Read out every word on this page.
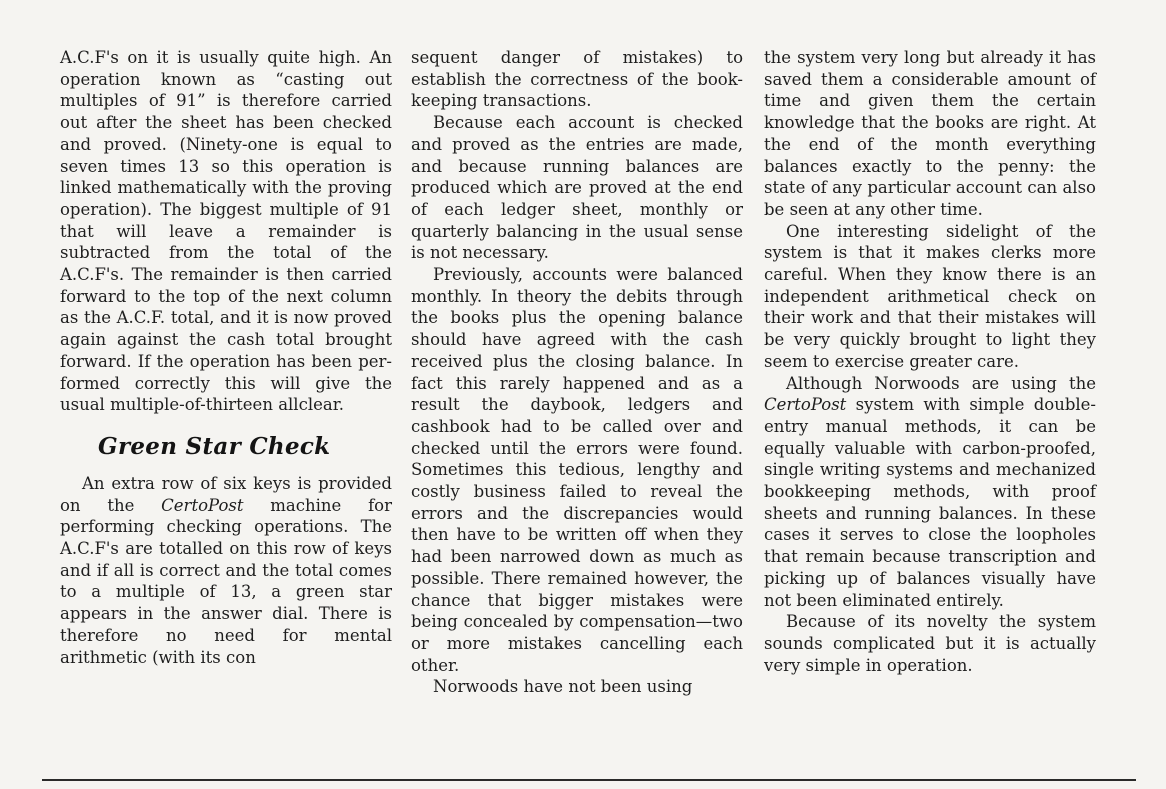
A.C.F's on it is usually quite high. An operation known as “casting out multiples of 91” is therefore carried out after the sheet has been checked and proved. (Ninety-one is equal to seven times 13 so this operation is linked mathematically with the proving operation). The biggest multiple of 91 that will leave a remainder is subtracted from the total of the A.C.F's. The remainder is then carried forward to the top of the next column as the A.C.F. total, and it is now proved again against the cash total brought forward. If the operation has been performed correctly this will give the usual multiple-of-thirteen allclear.

Green Star Check

An extra row of six keys is provided on the CertoPost machine for performing checking operations. The A.C.F's are totalled on this row of keys and if all is correct and the total comes to a multiple of 13, a green star appears in the answer dial. There is therefore no need for mental arithmetic (with its con

sequent danger of mistakes) to establish the correctness of the book-keeping transactions.

Because each account is checked and proved as the entries are made, and because running balances are produced which are proved at the end of each ledger sheet, monthly or quarterly balancing in the usual sense is not necessary.

Previously, accounts were balanced monthly. In theory the debits through the books plus the opening balance should have agreed with the cash received plus the closing balance. In fact this rarely happened and as a result the daybook, ledgers and cashbook had to be called over and checked until the errors were found. Sometimes this tedious, lengthy and costly business failed to reveal the errors and the discrepancies would then have to be written off when they had been narrowed down as much as possible. There remained however, the chance that bigger mistakes were being concealed by compensation—two or more mistakes cancelling each other.

Norwoods have not been using

the system very long but already it has saved them a considerable amount of time and given them the certain knowledge that the books are right. At the end of the month everything balances exactly to the penny: the state of any particular account can also be seen at any other time.

One interesting sidelight of the system is that it makes clerks more careful. When they know there is an independent arithmetical check on their work and that their mistakes will be very quickly brought to light they seem to exercise greater care.

Although Norwoods are using the CertoPost system with simple double-entry manual methods, it can be equally valuable with carbon-proofed, single writing systems and mechanized bookkeeping methods, with proof sheets and running balances. In these cases it serves to close the loopholes that remain because transcription and picking up of balances visually have not been eliminated entirely.

Because of its novelty the system sounds complicated but it is actually very simple in operation.
